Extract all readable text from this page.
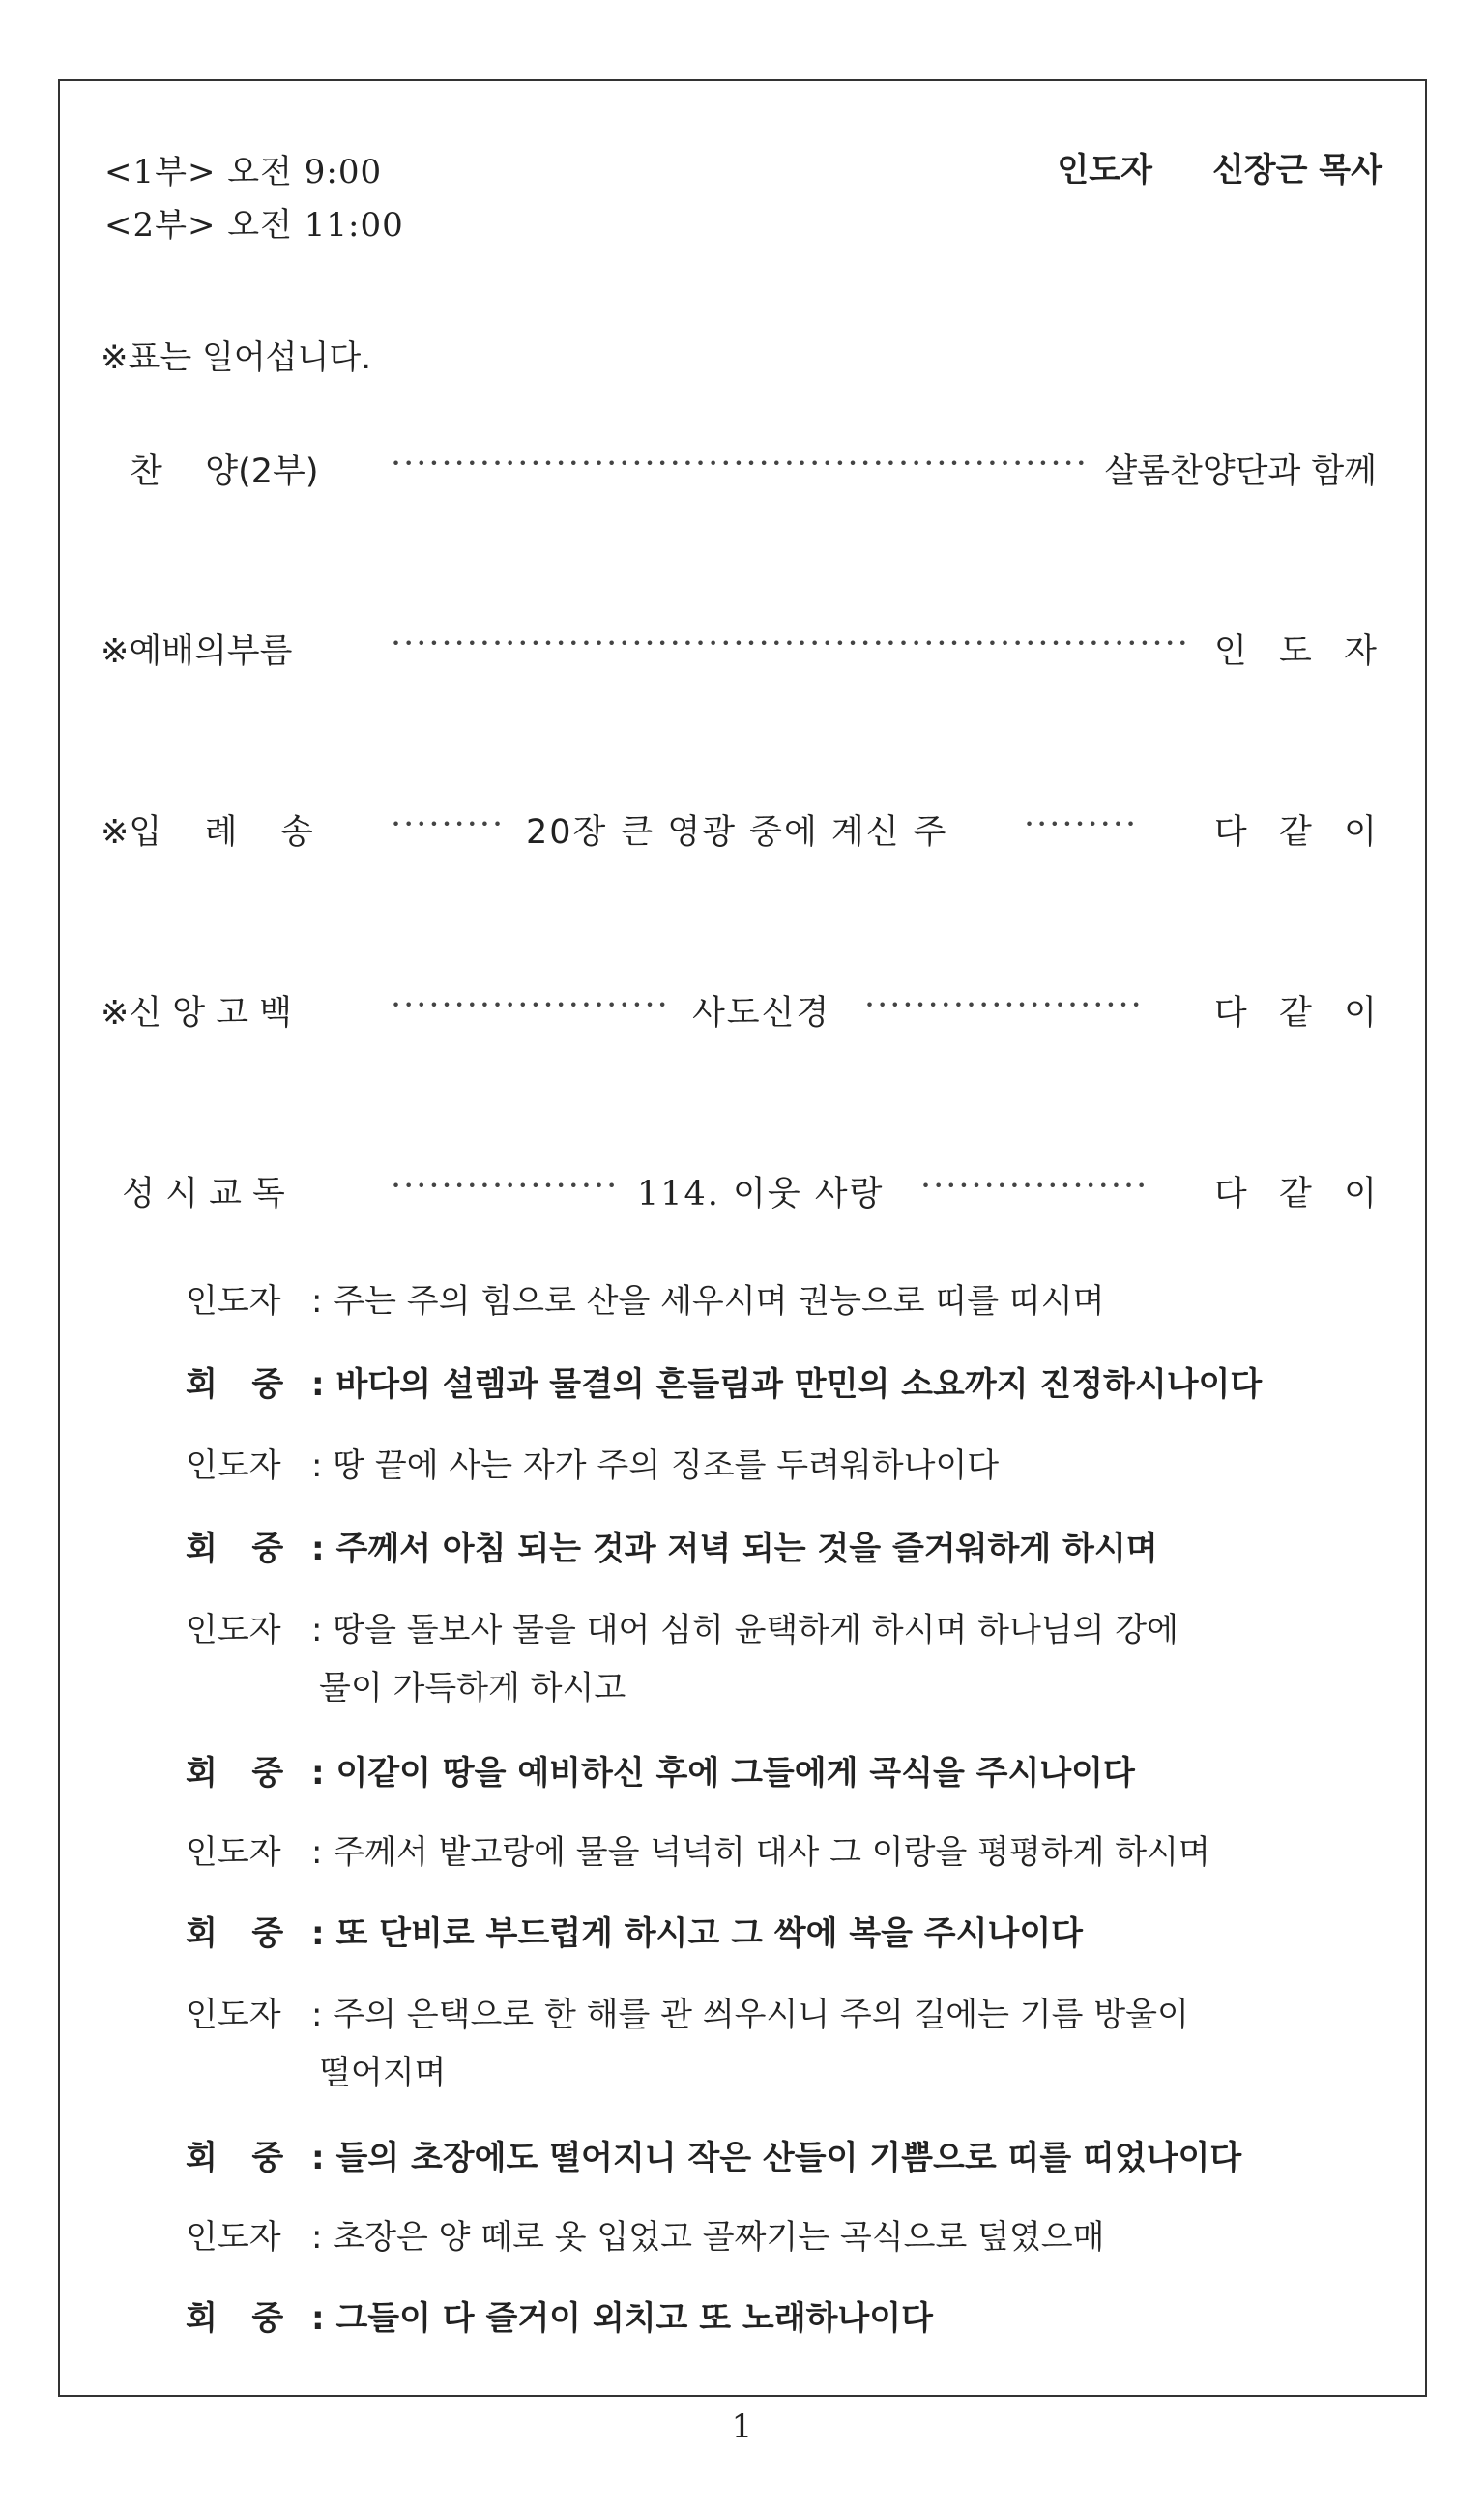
<1부> 오전 9:00
<2부> 오전 11:00
인도자 신장근 목사
※표는 일어섭니다.
찬    양(2부) ······················································· 샬롬찬양단과 함께
※예배의부름	······························································· 인   도   자
※입    례    송 ········· 20장 큰 영광 중에 계신 주 ········· 다   같   이
※신 앙 고 백	······················ 사도신경 ······················ 다   같   이
성 시 교 독	·················· 114. 이웃 사랑 ·················· 다   같   이
인도자 : 주는 주의 힘으로 산을 세우시며 권능으로 띠를 띠시며
회   중 : 바다의 설렘과 물결의 흔들림과 만민의 소요까지 진정하시나이다
인도자 : 땅 끝에 사는 자가 주의 징조를 두려워하나이다
회   중 : 주께서 아침 되는 것과 저녁 되는 것을 즐거워하게 하시며
인도자 : 땅을 돌보사 물을 대어 심히 윤택하게 하시며 하나님의 강에
물이 가득하게 하시고
회   중 : 이같이 땅을 예비하신 후에 그들에게 곡식을 주시나이다
인도자 : 주께서 밭고랑에 물을 넉넉히 대사 그 이랑을 평평하게 하시며
회   중 : 또 단비로 부드럽게 하시고 그 싹에 복을 주시나이다
인도자 : 주의 은택으로 한 해를 관 씌우시니 주의 길에는 기름 방울이
떨어지며
회   중 : 들의 초장에도 떨어지니 작은 산들이 기쁨으로 띠를 띠었나이다
인도자 : 초장은 양 떼로 옷 입었고 골짜기는 곡식으로 덮였으매
회   중 : 그들이 다 즐거이 외치고 또 노래하나이다
1
